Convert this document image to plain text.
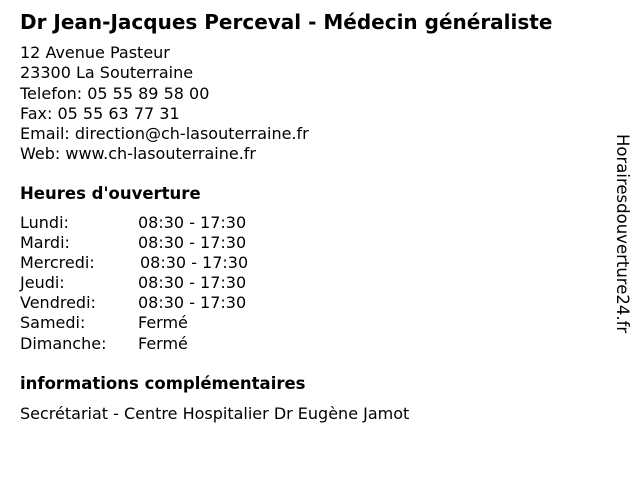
Dr Jean-Jacques Perceval - Médecin généraliste
12 Avenue Pasteur
23300 La Souterraine
Telefon: 05 55 89 58 00
Fax: 05 55 63 77 31
Email: direction@ch-lasouterraine.fr
Web: www.ch-lasouterraine.fr
Heures d'ouverture
Lundi:	08:30 - 17:30
Mardi:	08:30 - 17:30
Mercredi:	08:30 - 17:30
Jeudi:	08:30 - 17:30
Vendredi:	08:30 - 17:30
Samedi:	Fermé
Dimanche:	Fermé
informations complémentaires
Secrétariat - Centre Hospitalier Dr Eugène Jamot
Horairesdouverture24.fr
